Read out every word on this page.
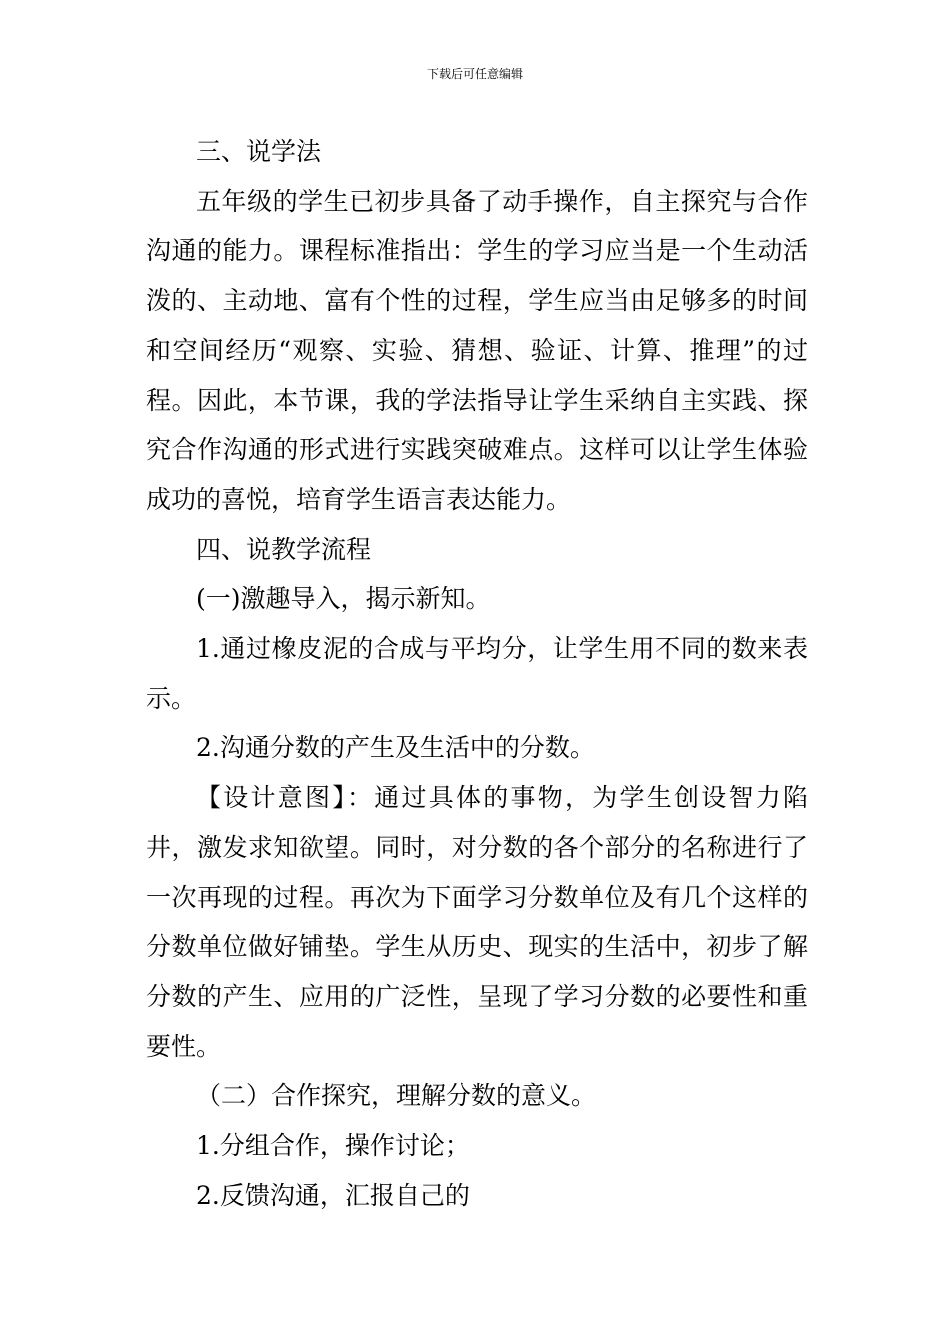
下载后可任意编辑

三、说学法

五年级的学生已初步具备了动手操作，自主探究与合作沟通的能力。课程标准指出：学生的学习应当是一个生动活泼的、主动地、富有个性的过程，学生应当由足够多的时间和空间经历“观察、实验、猜想、验证、计算、推理”的过程。因此，本节课，我的学法指导让学生采纳自主实践、探究合作沟通的形式进行实践突破难点。这样可以让学生体验成功的喜悦，培育学生语言表达能力。

四、说教学流程

(一)激趣导入，揭示新知。

1.通过橡皮泥的合成与平均分，让学生用不同的数来表示。

2.沟通分数的产生及生活中的分数。

【设计意图】：通过具体的事物，为学生创设智力陷井，激发求知欲望。同时，对分数的各个部分的名称进行了一次再现的过程。再次为下面学习分数单位及有几个这样的分数单位做好铺垫。学生从历史、现实的生活中，初步了解分数的产生、应用的广泛性，呈现了学习分数的必要性和重要性。

（二）合作探究，理解分数的意义。

1.分组合作，操作讨论；

2.反馈沟通，汇报自己的
